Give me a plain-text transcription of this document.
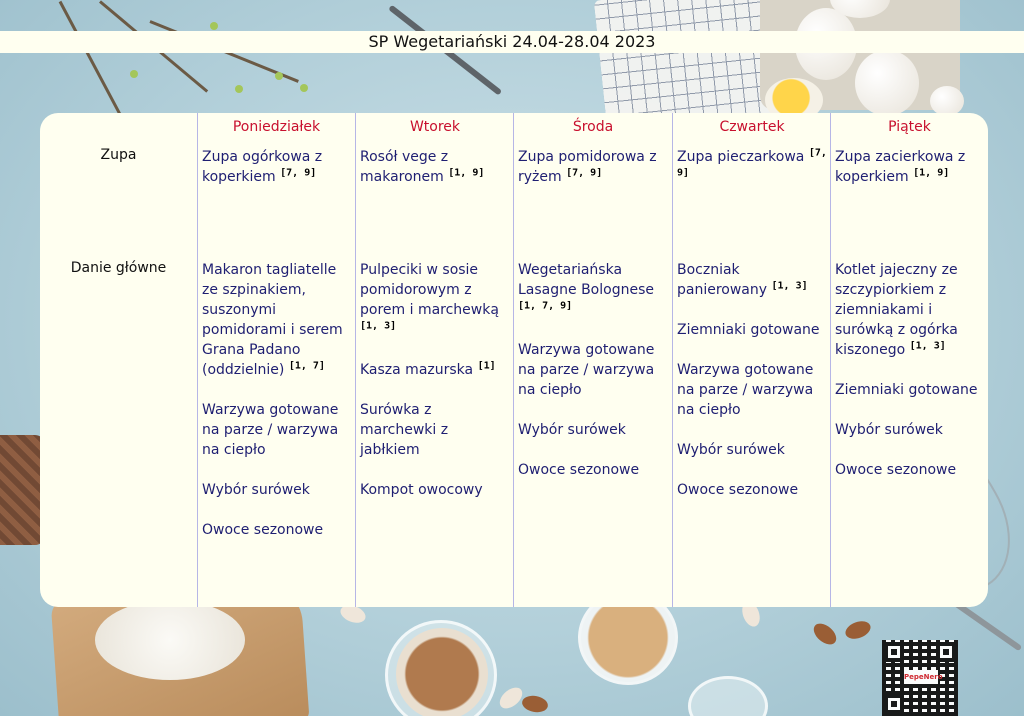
SP Wegetariański 24.04-28.04 2023
Zupa
Danie główne
Poniedziałek
Zupa ogórkowa z koperkiem [7, 9]
Makaron tagliatelle ze szpinakiem, suszonymi pomidorami i serem Grana Padano (oddzielnie) [1, 7]
Warzywa gotowane na parze / warzywa na ciepło
Wybór surówek
Owoce sezonowe
Wtorek
Rosół vege z makaronem [1, 9]
Pulpeciki w sosie pomidorowym z porem i marchewką [1, 3]
Kasza mazurska [1]
Surówka z marchewki z jabłkiem
Kompot owocowy
Środa
Zupa pomidorowa z ryżem [7, 9]
Wegetariańska Lasagne Bolognese [1, 7, 9]
Warzywa gotowane na parze / warzywa na ciepło
Wybór surówek
Owoce sezonowe
Czwartek
Zupa pieczarkowa [7, 9]
Boczniak panierowany [1, 3]
Ziemniaki gotowane
Warzywa gotowane na parze / warzywa na ciepło
Wybór surówek
Owoce sezonowe
Piątek
Zupa zacierkowa z koperkiem [1, 9]
Kotlet jajeczny ze szczypiorkiem z ziemniakami i surówką z ogórka kiszonego [1, 3]
Ziemniaki gotowane
Wybór surówek
Owoce sezonowe
PepeNero
